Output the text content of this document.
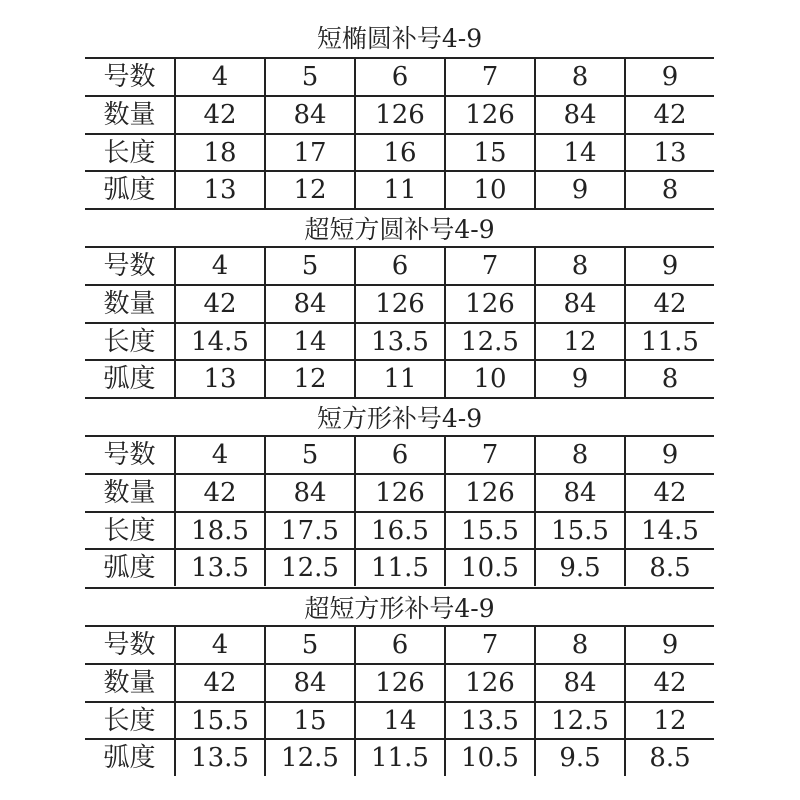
短椭圆补号4-9
号数	4	5	6	7	8	9
数量	42	84	126	126	84	42
长度	18	17	16	15	14	13
弧度	13	12	11	10	9	8
超短方圆补号4-9
号数	4	5	6	7	8	9
数量	42	84	126	126	84	42
长度	14.5	14	13.5	12.5	12	11.5
弧度	13	12	11	10	9	8
短方形补号4-9
号数	4	5	6	7	8	9
数量	42	84	126	126	84	42
长度	18.5	17.5	16.5	15.5	15.5	14.5
弧度	13.5	12.5	11.5	10.5	9.5	8.5
超短方形补号4-9
号数	4	5	6	7	8	9
数量	42	84	126	126	84	42
长度	15.5	15	14	13.5	12.5	12
弧度	13.5	12.5	11.5	10.5	9.5	8.5
